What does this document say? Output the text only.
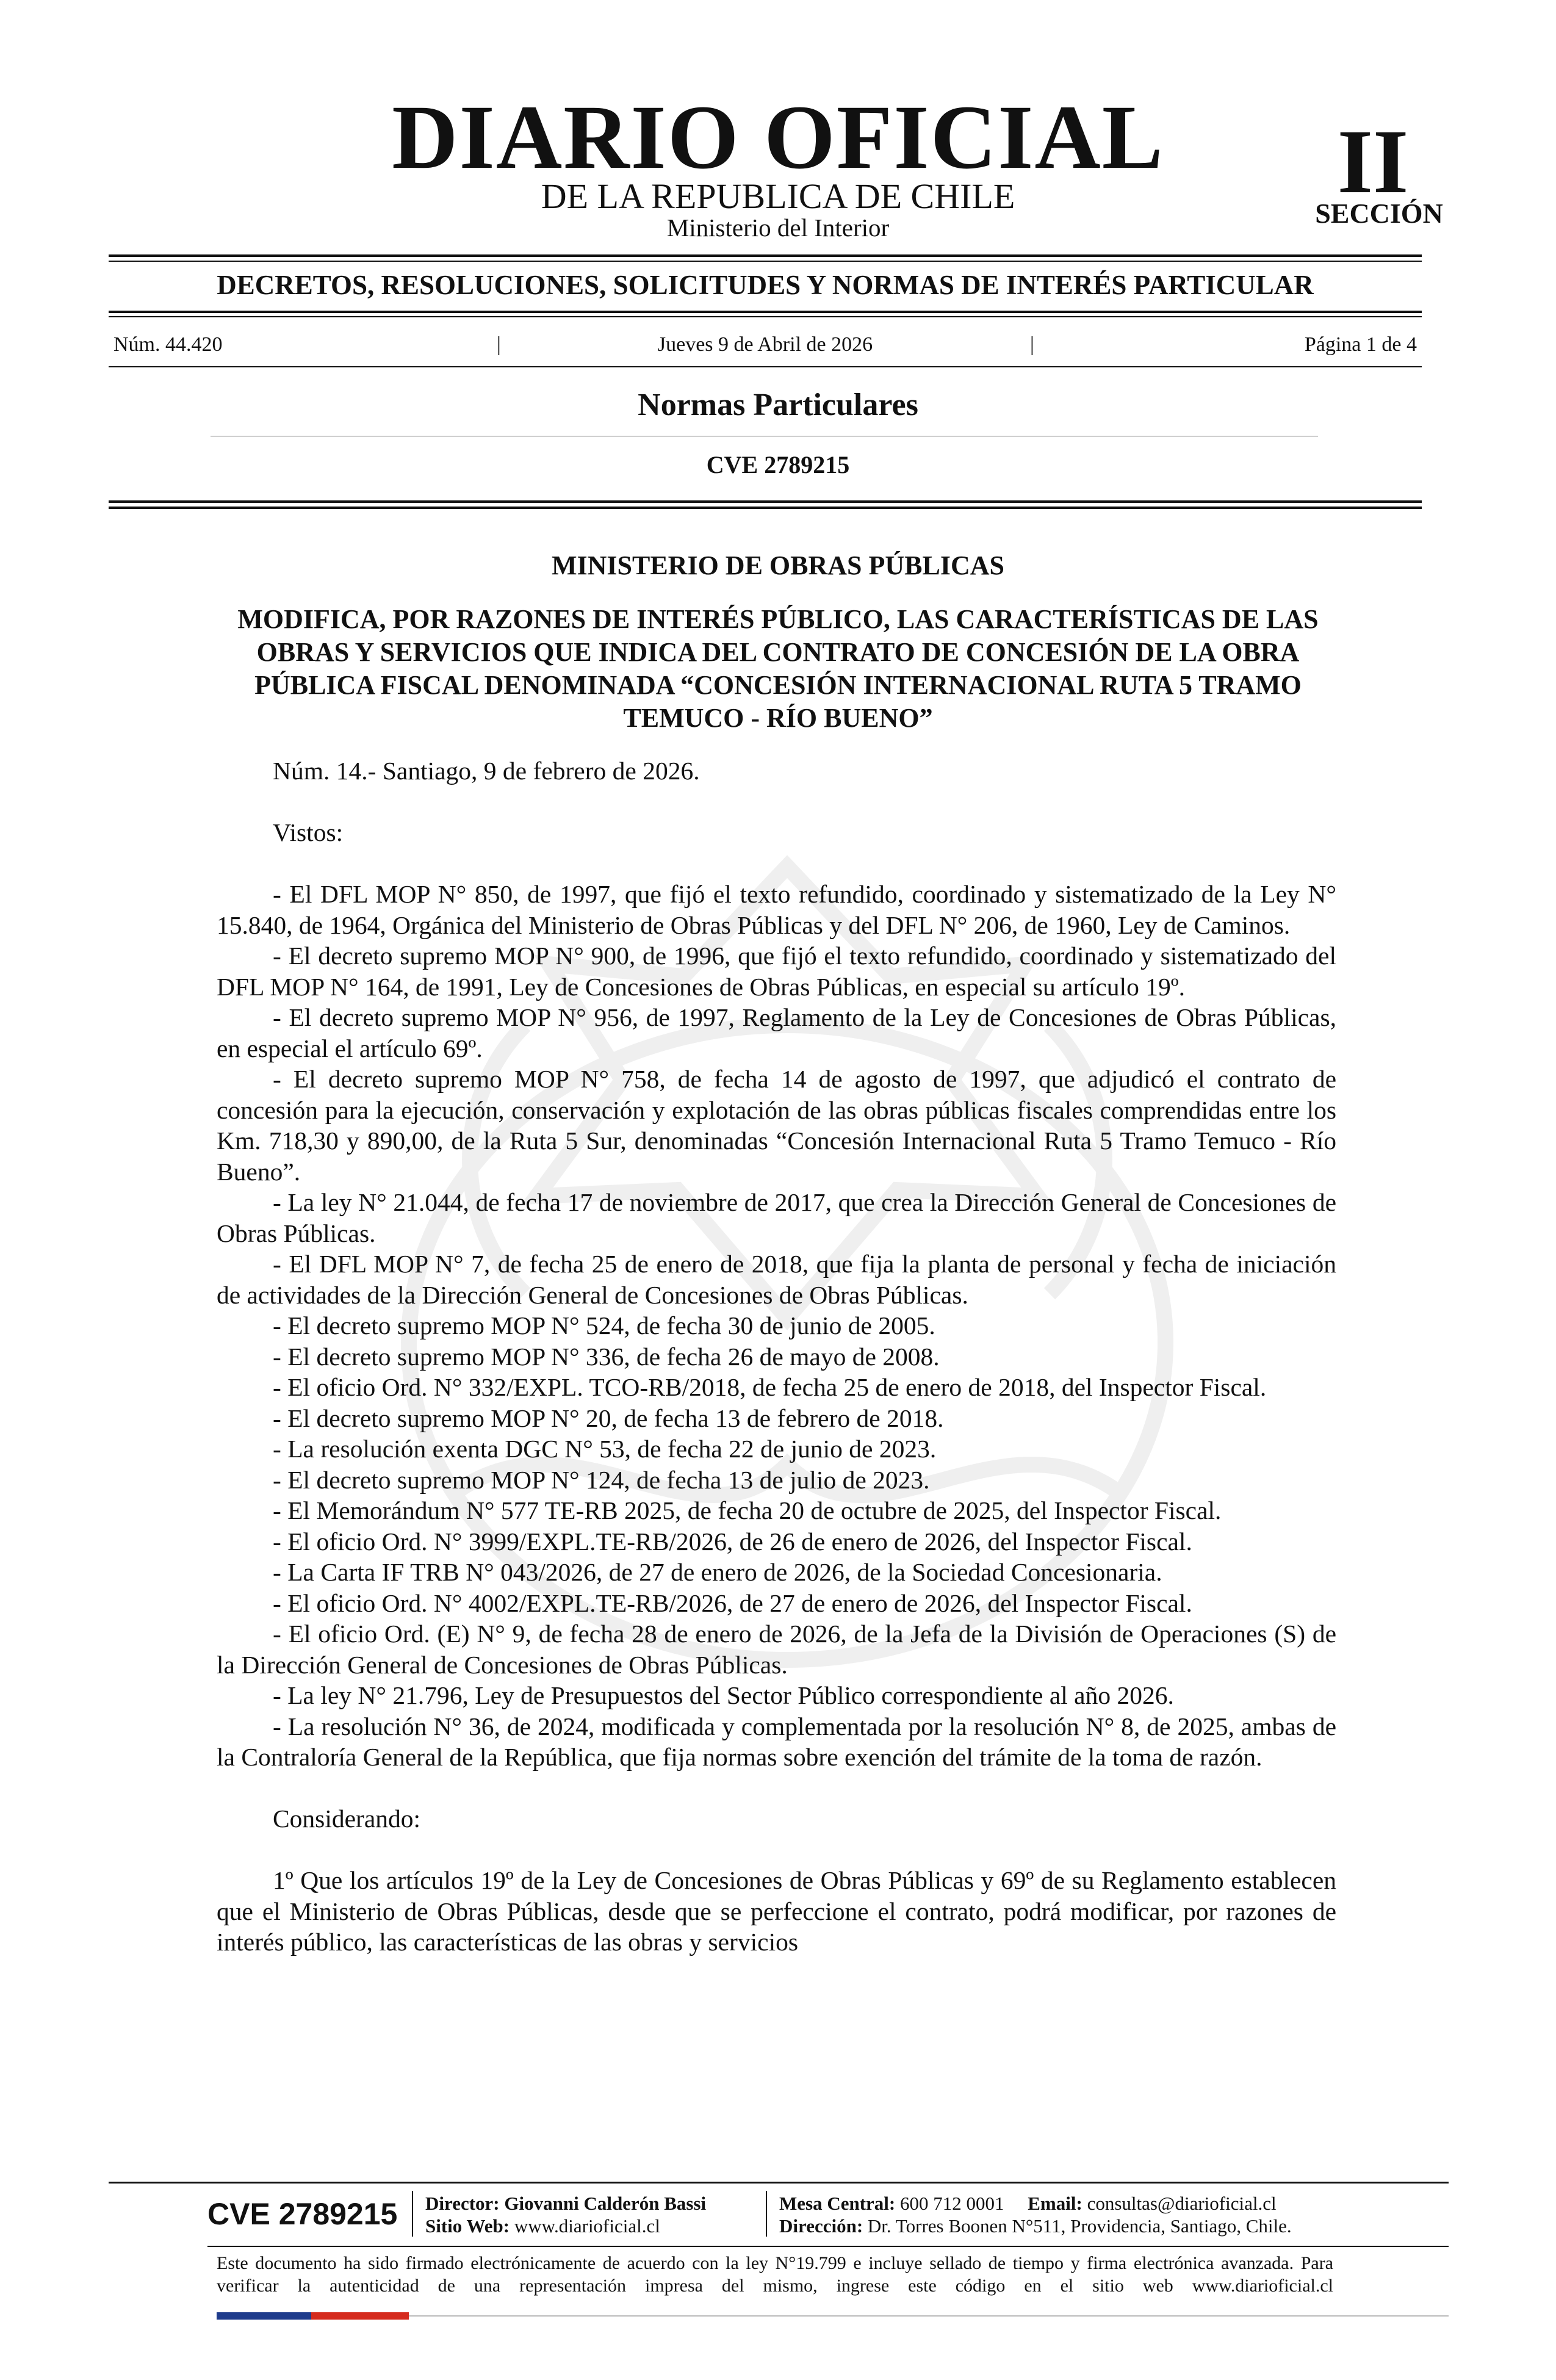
DIARIO OFICIAL
DE LA REPUBLICA DE CHILE
Ministerio del Interior
II
SECCIÓN
DECRETOS, RESOLUCIONES, SOLICITUDES Y NORMAS DE INTERÉS PARTICULAR
Núm. 44.420	|	Jueves 9 de Abril de 2026	|	Página 1 de 4
Normas Particulares
CVE 2789215
MINISTERIO DE OBRAS PÚBLICAS
MODIFICA, POR RAZONES DE INTERÉS PÚBLICO, LAS CARACTERÍSTICAS DE LAS OBRAS Y SERVICIOS QUE INDICA DEL CONTRATO DE CONCESIÓN DE LA OBRA PÚBLICA FISCAL DENOMINADA “CONCESIÓN INTERNACIONAL RUTA 5 TRAMO TEMUCO - RÍO BUENO”

Núm. 14.- Santiago, 9 de febrero de 2026.

Vistos:

- El DFL MOP N° 850, de 1997, que fijó el texto refundido, coordinado y sistematizado de la Ley N° 15.840, de 1964, Orgánica del Ministerio de Obras Públicas y del DFL N° 206, de 1960, Ley de Caminos.

- El decreto supremo MOP N° 900, de 1996, que fijó el texto refundido, coordinado y sistematizado del DFL MOP N° 164, de 1991, Ley de Concesiones de Obras Públicas, en especial su artículo 19º.

- El decreto supremo MOP N° 956, de 1997, Reglamento de la Ley de Concesiones de Obras Públicas, en especial el artículo 69º.

- El decreto supremo MOP N° 758, de fecha 14 de agosto de 1997, que adjudicó el contrato de concesión para la ejecución, conservación y explotación de las obras públicas fiscales comprendidas entre los Km. 718,30 y 890,00, de la Ruta 5 Sur, denominadas “Concesión Internacional Ruta 5 Tramo Temuco - Río Bueno”.

- La ley N° 21.044, de fecha 17 de noviembre de 2017, que crea la Dirección General de Concesiones de Obras Públicas.

- El DFL MOP N° 7, de fecha 25 de enero de 2018, que fija la planta de personal y fecha de iniciación de actividades de la Dirección General de Concesiones de Obras Públicas.

- El decreto supremo MOP N° 524, de fecha 30 de junio de 2005.

- El decreto supremo MOP N° 336, de fecha 26 de mayo de 2008.

- El oficio Ord. N° 332/EXPL. TCO-RB/2018, de fecha 25 de enero de 2018, del Inspector Fiscal.

- El decreto supremo MOP N° 20, de fecha 13 de febrero de 2018.

- La resolución exenta DGC N° 53, de fecha 22 de junio de 2023.

- El decreto supremo MOP N° 124, de fecha 13 de julio de 2023.

- El Memorándum N° 577 TE-RB 2025, de fecha 20 de octubre de 2025, del Inspector Fiscal.

- El oficio Ord. N° 3999/EXPL.TE-RB/2026, de 26 de enero de 2026, del Inspector Fiscal.

- La Carta IF TRB N° 043/2026, de 27 de enero de 2026, de la Sociedad Concesionaria.

- El oficio Ord. N° 4002/EXPL.TE-RB/2026, de 27 de enero de 2026, del Inspector Fiscal.

- El oficio Ord. (E) N° 9, de fecha 28 de enero de 2026, de la Jefa de la División de Operaciones (S) de la Dirección General de Concesiones de Obras Públicas.

- La ley N° 21.796, Ley de Presupuestos del Sector Público correspondiente al año 2026.

- La resolución N° 36, de 2024, modificada y complementada por la resolución N° 8, de 2025, ambas de la Contraloría General de la República, que fija normas sobre exención del trámite de la toma de razón.

Considerando:

1º Que los artículos 19º de la Ley de Concesiones de Obras Públicas y 69º de su Reglamento establecen que el Ministerio de Obras Públicas, desde que se perfeccione el contrato, podrá modificar, por razones de interés público, las características de las obras y servicios

CVE 2789215 Director: Giovanni Calderón Bassi
Sitio Web: www.diarioficial.cl
Mesa Central: 600 712 0001 Email: consultas@diarioficial.cl
Dirección: Dr. Torres Boonen N°511, Providencia, Santiago, Chile.
Este documento ha sido firmado electrónicamente de acuerdo con la ley N°19.799 e incluye sellado de tiempo y firma electrónica avanzada. Para verificar la autenticidad de una representación impresa del mismo, ingrese este código en el sitio web www.diarioficial.cl
